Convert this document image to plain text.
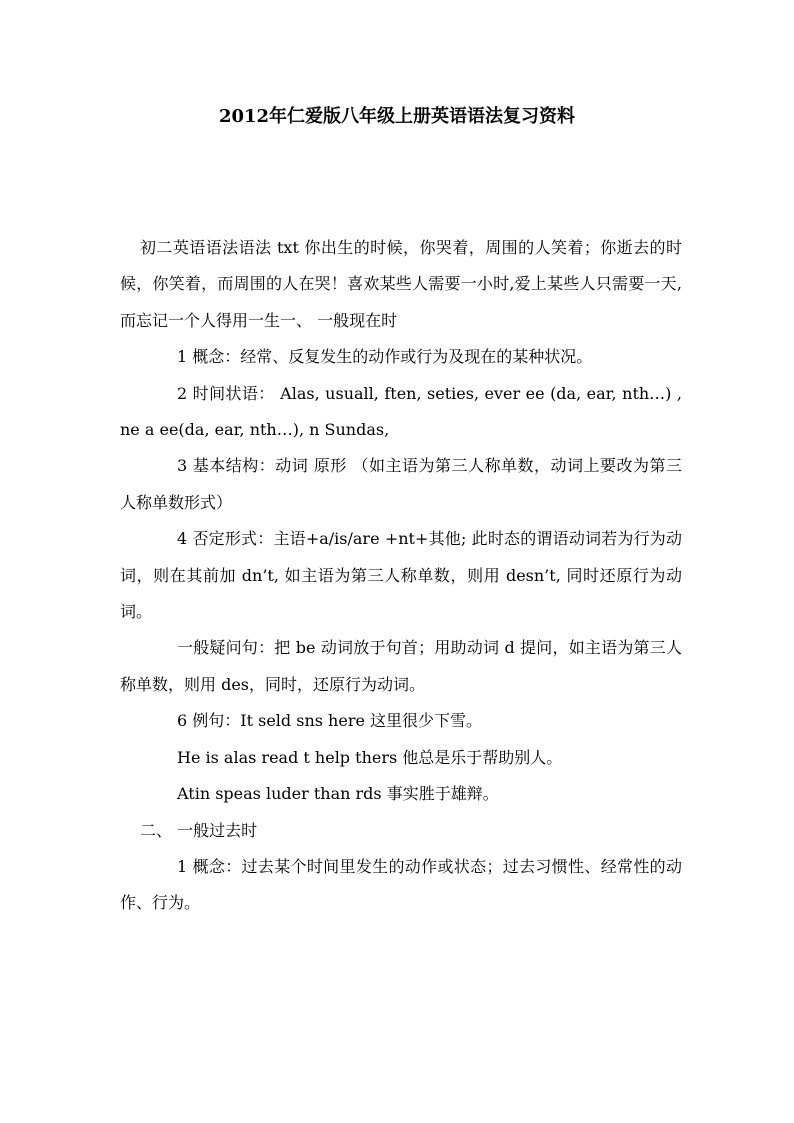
2012年仁爱版八年级上册英语语法复习资料

初二英语语法语法 txt 你出生的时候，你哭着，周围的人笑着；你逝去的时候，你笑着，而周围的人在哭！喜欢某些人需要一小时,爱上某些人只需要一天,而忘记一个人得用一生一、 一般现在时

1 概念：经常、反复发生的动作或行为及现在的某种状况。

2 时间状语： Alas, usuall, ften, seties, ever ee (da, ear, nth…) , ne a ee(da, ear, nth…), n Sundas,

3 基本结构：动词 原形 （如主语为第三人称单数，动词上要改为第三人称单数形式）

4 否定形式：主语+a/is/are +nt+其他; 此时态的谓语动词若为行为动 词，则在其前加 dn’t, 如主语为第三人称单数，则用 desn’t, 同时还原行为动词。

一般疑问句：把 be 动词放于句首；用助动词 d 提问，如主语为第三人称单数，则用 des，同时，还原行为动词。

6 例句：It seld sns here 这里很少下雪。

He is alas read t help thers 他总是乐于帮助别人。

Atin speas luder than rds 事实胜于雄辩。

二、 一般过去时

1 概念：过去某个时间里发生的动作或状态；过去习惯性、经常性的动作、行为。
